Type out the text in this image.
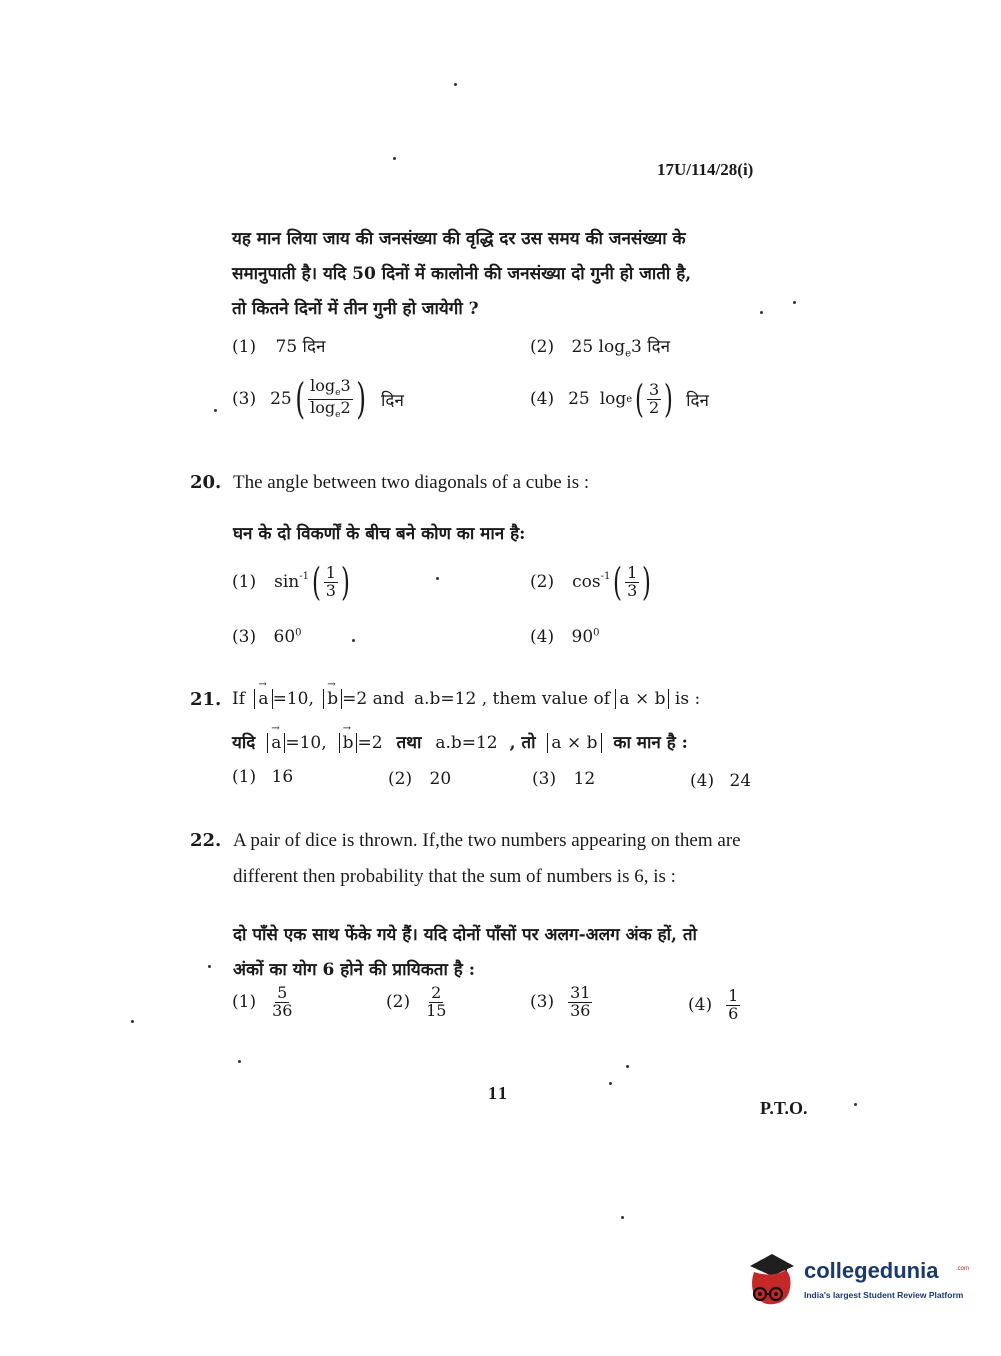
17U/114/28(i)
यह मान लिया जाय की जनसंख्या की वृद्धि दर उस समय की जनसंख्या के
समानुपाती है। यदि 50 दिनों में कालोनी की जनसंख्या दो गुनी हो जाती है,
तो कितने दिनों में तीन गुनी हो जायेगी ?
(1) 75 दिन	(2) 25 $\log_e3$ दिन
(3) 25 ( $\frac{\log_e3}{\log_e2}$ ) दिन	(4) 25 log e ( $\frac{3}{2}$ ) दिन
20. The angle between two diagonals of a cube is :
घन के दो विकर्णों के बीच बने कोण का मान है:
(1) $\sin^{-1}$ ( $\frac{1}{3}$ )	(2) $\cos^{-1}$ ( $\frac{1}{3}$ )
(3) $60^0$	(4) $90^0$
21. If → a =10, → b =2 and a.b=12 , them value of a × b is :
यदि → a =10, → b =2 तथा a.b=12 , तो a × b का मान है :
(1) 16	(2) 20	(3) 12	(4) 24
22. A pair of dice is thrown. If,the two numbers appearing on them are
different then probability that the sum of numbers is 6, is :
दो पाँसे एक साथ फेंके गये हैं। यदि दोनों पाँसों पर अलग-अलग अंक हों, तो
अंकों का योग 6 होने की प्रायिकता है :
$(1) \frac{5}{36}$	$(2) \frac{2}{15}$	$(3) \frac{31}{36}$	$(4) \frac{1}{6}$
11
P.T.O.
collegedunia	.com
India's largest Student Review Platform
